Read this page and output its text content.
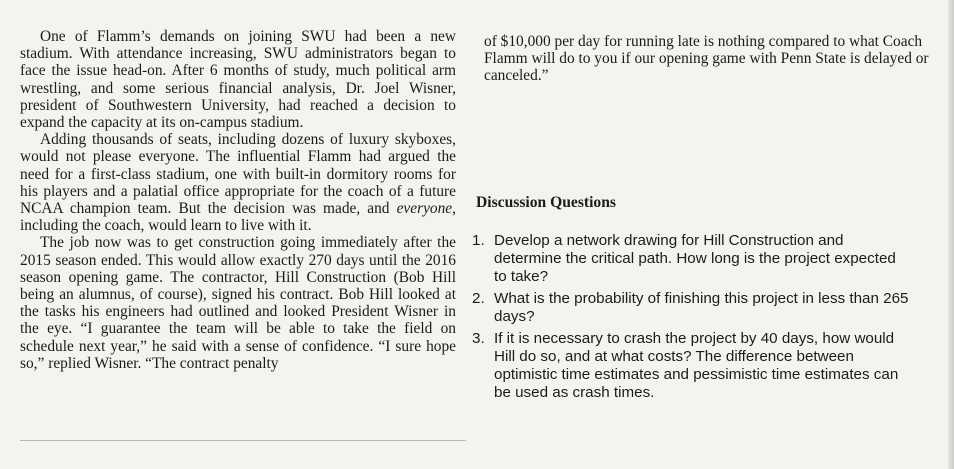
One of Flamm’s demands on joining SWU had been a new stadium. With attendance increasing, SWU administrators began to face the issue head-on. After 6 months of study, much political arm wrestling, and some serious financial analysis, Dr. Joel Wisner, president of Southwestern University, had reached a decision to expand the capacity at its on-campus stadium.

Adding thousands of seats, including dozens of luxury skyboxes, would not please everyone. The influential Flamm had argued the need for a first-class stadium, one with built-in dormitory rooms for his players and a palatial office appropriate for the coach of a future NCAA champion team. But the decision was made, and everyone, including the coach, would learn to live with it.

The job now was to get construction going immediately after the 2015 season ended. This would allow exactly 270 days until the 2016 season opening game. The contractor, Hill Construction (Bob Hill being an alumnus, of course), signed his contract. Bob Hill looked at the tasks his engineers had outlined and looked President Wisner in the eye. “I guarantee the team will be able to take the field on schedule next year,” he said with a sense of confidence. “I sure hope so,” replied Wisner. “The contract penalty

of $10,000 per day for running late is nothing compared to what Coach Flamm will do to you if our opening game with Penn State is delayed or canceled.”

Discussion Questions
1. Develop a network drawing for Hill Construction and determine the critical path. How long is the project expected to take?
2. What is the probability of finishing this project in less than 265 days?
3. If it is necessary to crash the project by 40 days, how would Hill do so, and at what costs? The difference between optimistic time estimates and pessimistic time estimates can be used as crash times.
